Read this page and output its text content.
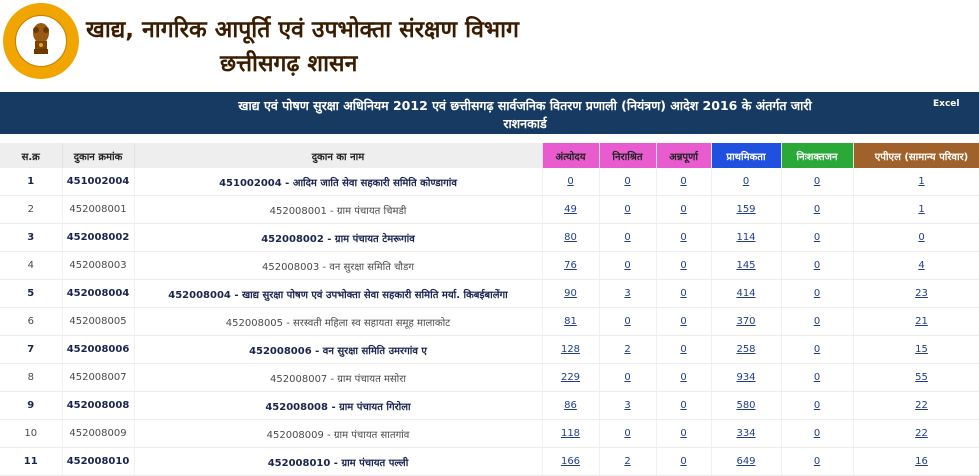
खाद्य, नागरिक आपूर्ति एवं उपभोक्ता संरक्षण विभाग
छत्तीसगढ़ शासन
खाद्य एवं पोषण सुरक्षा अधिनियम 2012 एवं छत्तीसगढ़ सार्वजनिक वितरण प्रणाली (नियंत्रण) आदेश 2016 के अंतर्गत जारी
राशनकार्ड
Excel
स.क्र	दुकान क्रमांक	दुकान का नाम	अंत्योदय	निराश्रित	अन्नपूर्णा	प्राथमिकता	निःशक्तजन	एपीएल (सामान्य परिवार)
1	451002004	451002004 - आदिम जाति सेवा सहकारी समिति कोण्डागांव	0	0	0	0	0	1
2	452008001	452008001 - ग्राम पंचायत चिमडी	49	0	0	159	0	1
3	452008002	452008002 - ग्राम पंचायत टेमरूगांव	80	0	0	114	0	0
4	452008003	452008003 - वन सुरक्षा समिति चौडग	76	0	0	145	0	4
5	452008004	452008004 - खाद्य सुरक्षा पोषण एवं उपभोक्ता सेवा सहकारी समिति मर्या. किबईबालेंगा	90	3	0	414	0	23
6	452008005	452008005 - सरस्वती महिला स्व सहायता समूह मालाकोट	81	0	0	370	0	21
7	452008006	452008006 - वन सुरक्षा समिति उमरगांव ए	128	2	0	258	0	15
8	452008007	452008007 - ग्राम पंचायत मसोरा	229	0	0	934	0	55
9	452008008	452008008 - ग्राम पंचायत गिरोला	86	3	0	580	0	22
10	452008009	452008009 - ग्राम पंचायत सातगांव	118	0	0	334	0	22
11	452008010	452008010 - ग्राम पंचायत पल्ली	166	2	0	649	0	16
